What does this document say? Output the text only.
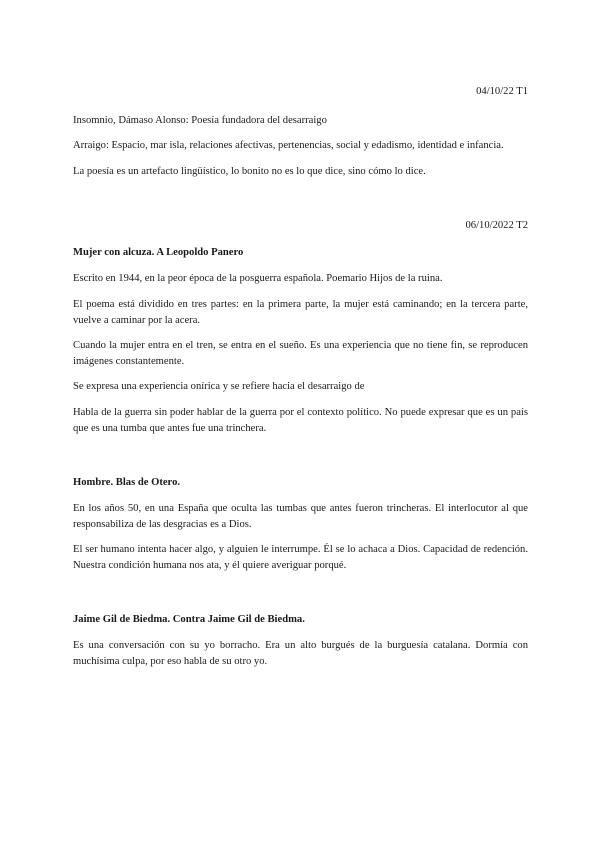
04/10/22 T1
Insomnio, Dámaso Alonso: Poesía fundadora del desarraigo
Arraigo: Espacio, mar isla, relaciones afectivas, pertenencias, social y edadismo, identidad e infancia.
La poesía es un artefacto lingüístico, lo bonito no es lo que dice, sino cómo lo dice.
06/10/2022 T2
Mujer con alcuza. A Leopoldo Panero
Escrito en 1944, en la peor época de la posguerra española. Poemario Hijos de la ruina.
El poema está dividido en tres partes: en la primera parte, la mujer está caminando; en la tercera parte, vuelve a caminar por la acera.
Cuando la mujer entra en el tren, se entra en el sueño. Es una experiencia que no tiene fin, se reproducen imágenes constantemente.
Se expresa una experiencia onírica y se refiere hacia el desarraigo de
Habla de la guerra sin poder hablar de la guerra por el contexto político. No puede expresar que es un país que es una tumba que antes fue una trinchera.
Hombre. Blas de Otero.
En los años 50, en una España que oculta las tumbas que antes fueron trincheras. El interlocutor al que responsabiliza de las desgracias es a Dios.
El ser humano intenta hacer algo, y alguien le interrumpe. Él se lo achaca a Dios. Capacidad de redención. Nuestra condición humana nos ata, y él quiere averiguar porqué.
Jaime Gil de Biedma. Contra Jaime Gil de Biedma.
Es una conversación con su yo borracho. Era un alto burgués de la burguesía catalana. Dormía con muchísima culpa, por eso habla de su otro yo.
